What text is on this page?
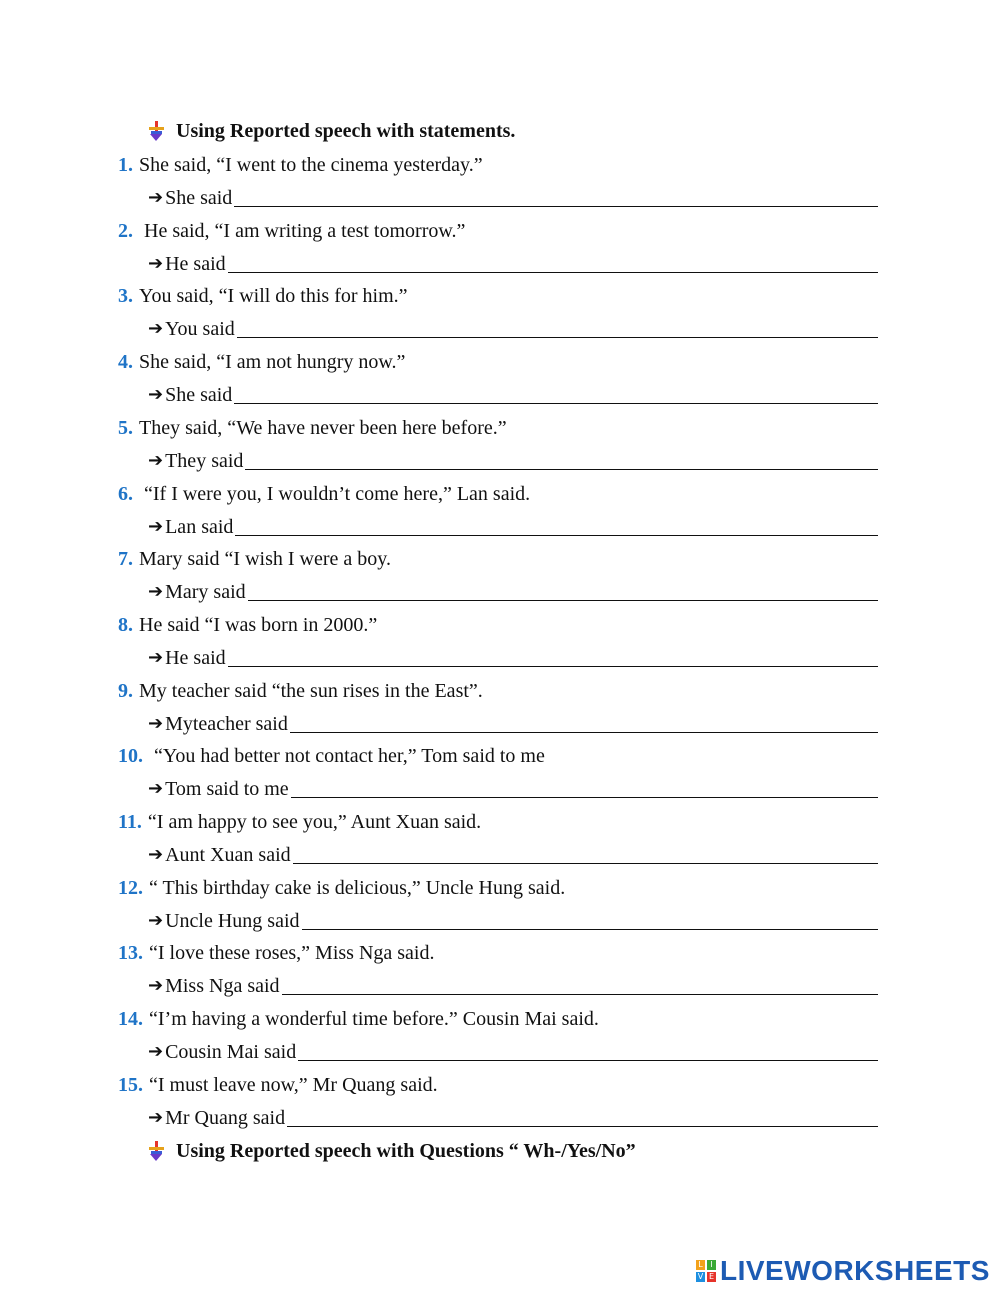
Using Reported speech with statements.
1. She said, “I went to the cinema yesterday.”
➔ She said
2. He said, “I am writing a test tomorrow.”
➔ He said
3. You said, “I will do this for him.”
➔ You said
4. She said, “I am not hungry now.”
➔ She said
5. They said, “We have never been here before.”
➔ They said
6. “If I were you, I wouldn’t come here,” Lan said.
➔ Lan said
7. Mary said “I wish I were a boy.
➔ Mary said
8. He said “I was born in 2000.”
➔ He said
9. My teacher said “the sun rises in the East”.
➔ Myteacher said
10. “You had better not contact her,” Tom said to me
➔ Tom said to me
11. “I am happy to see you,” Aunt Xuan said.
➔ Aunt Xuan said
12. “ This birthday cake is delicious,” Uncle Hung said.
➔ Uncle Hung said
13. “I love these roses,” Miss Nga said.
➔ Miss Nga said
14. “I’m having a wonderful time before.” Cousin Mai said.
➔ Cousin Mai said
15. “I must leave now,” Mr Quang said.
➔ Mr Quang said
Using Reported speech with Questions “ Wh-/Yes/No”
L I
V E LIVEWORKSHEETS
